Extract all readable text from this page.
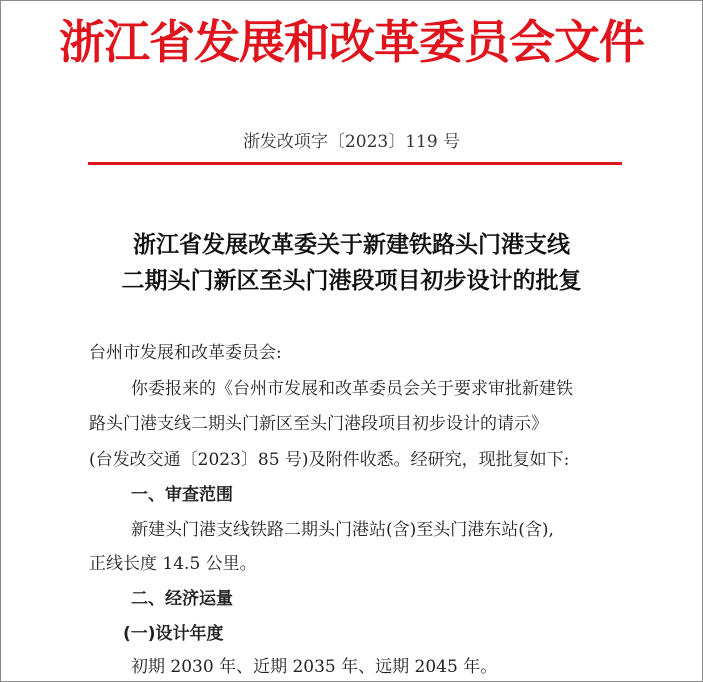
浙江省发展和改革委员会文件
浙发改项字〔2023〕119 号
浙江省发展改革委关于新建铁路头门港支线
二期头门新区至头门港段项目初步设计的批复
台州市发展和改革委员会:
你委报来的《台州市发展和改革委员会关于要求审批新建铁
路头门港支线二期头门新区至头门港段项目初步设计的请示》
(台发改交通〔2023〕85 号)及附件收悉。经研究，现批复如下:
一、审查范围
新建头门港支线铁路二期头门港站(含)至头门港东站(含),
正线长度 14.5 公里。
二、经济运量
(一)设计年度
初期 2030 年、近期 2035 年、远期 2045 年。
